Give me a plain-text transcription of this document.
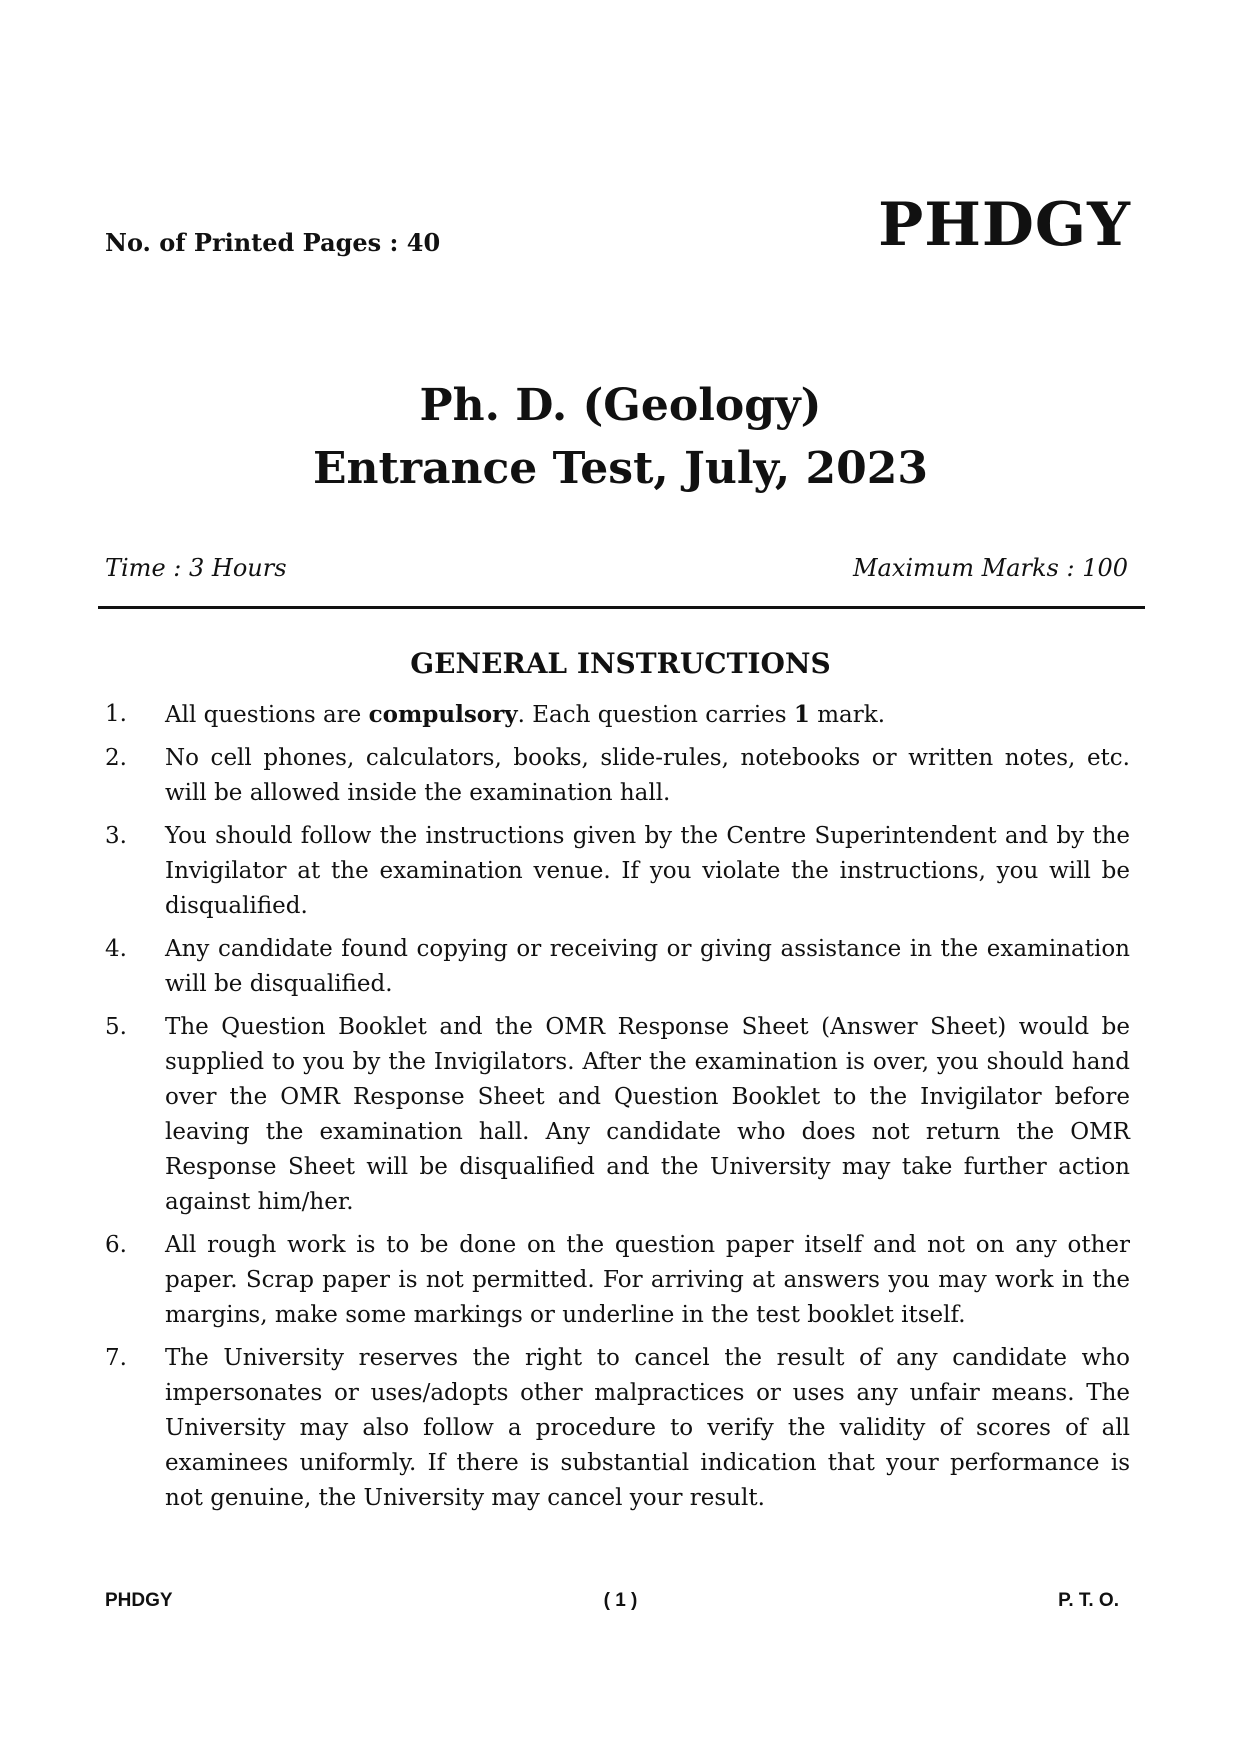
No. of Printed Pages : 40	PHDGY
Ph. D. (Geology)
Entrance Test, July, 2023
Time : 3 Hours	Maximum Marks : 100
GENERAL INSTRUCTIONS
1.	All questions are compulsory. Each question carries 1 mark.
2.	No cell phones, calculators, books, slide-rules, notebooks or written notes, etc. will be allowed inside the examination hall.
3.	You should follow the instructions given by the Centre Superintendent and by the Invigilator at the examination venue. If you violate the instructions, you will be disqualified.
4.	Any candidate found copying or receiving or giving assistance in the examination will be disqualified.
5.	The Question Booklet and the OMR Response Sheet (Answer Sheet) would be supplied to you by the Invigilators. After the examination is over, you should hand over the OMR Response Sheet and Question Booklet to the Invigilator before leaving the examination hall. Any candidate who does not return the OMR Response Sheet will be disqualified and the University may take further action against him/her.
6.	All rough work is to be done on the question paper itself and not on any other paper. Scrap paper is not permitted. For arriving at answers you may work in the margins, make some markings or underline in the test booklet itself.
7.	The University reserves the right to cancel the result of any candidate who impersonates or uses/adopts other malpractices or uses any unfair means. The University may also follow a procedure to verify the validity of scores of all examinees uniformly. If there is substantial indication that your performance is not genuine, the University may cancel your result.
PHDGY	( 1 )	P. T. O.
